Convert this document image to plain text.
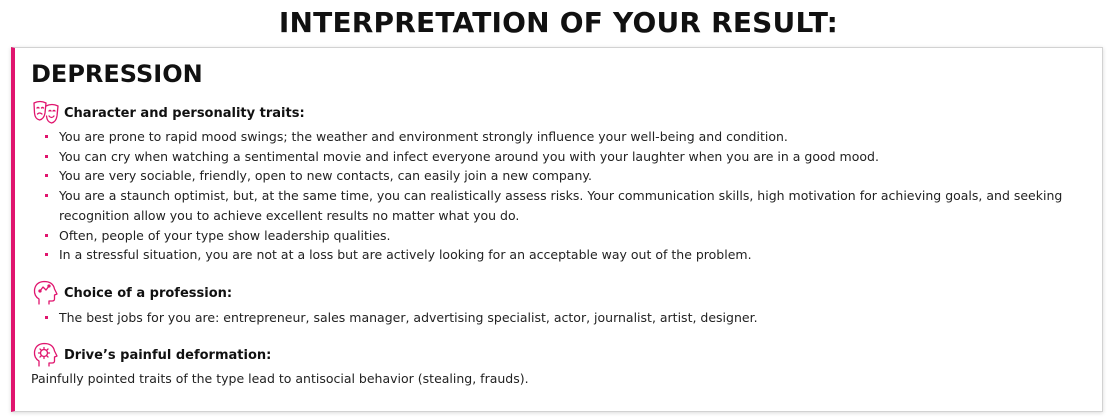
INTERPRETATION OF YOUR RESULT:
DEPRESSION
Character and personality traits:
You are prone to rapid mood swings; the weather and environment strongly influence your well-being and condition.
You can cry when watching a sentimental movie and infect everyone around you with your laughter when you are in a good mood.
You are very sociable, friendly, open to new contacts, can easily join a new company.
You are a staunch optimist, but, at the same time, you can realistically assess risks. Your communication skills, high motivation for achieving goals, and seeking recognition allow you to achieve excellent results no matter what you do.
Often, people of your type show leadership qualities.
In a stressful situation, you are not at a loss but are actively looking for an acceptable way out of the problem.
Choice of a profession:
The best jobs for you are: entrepreneur, sales manager, advertising specialist, actor, journalist, artist, designer.
Drive’s painful deformation:
Painfully pointed traits of the type lead to antisocial behavior (stealing, frauds).
